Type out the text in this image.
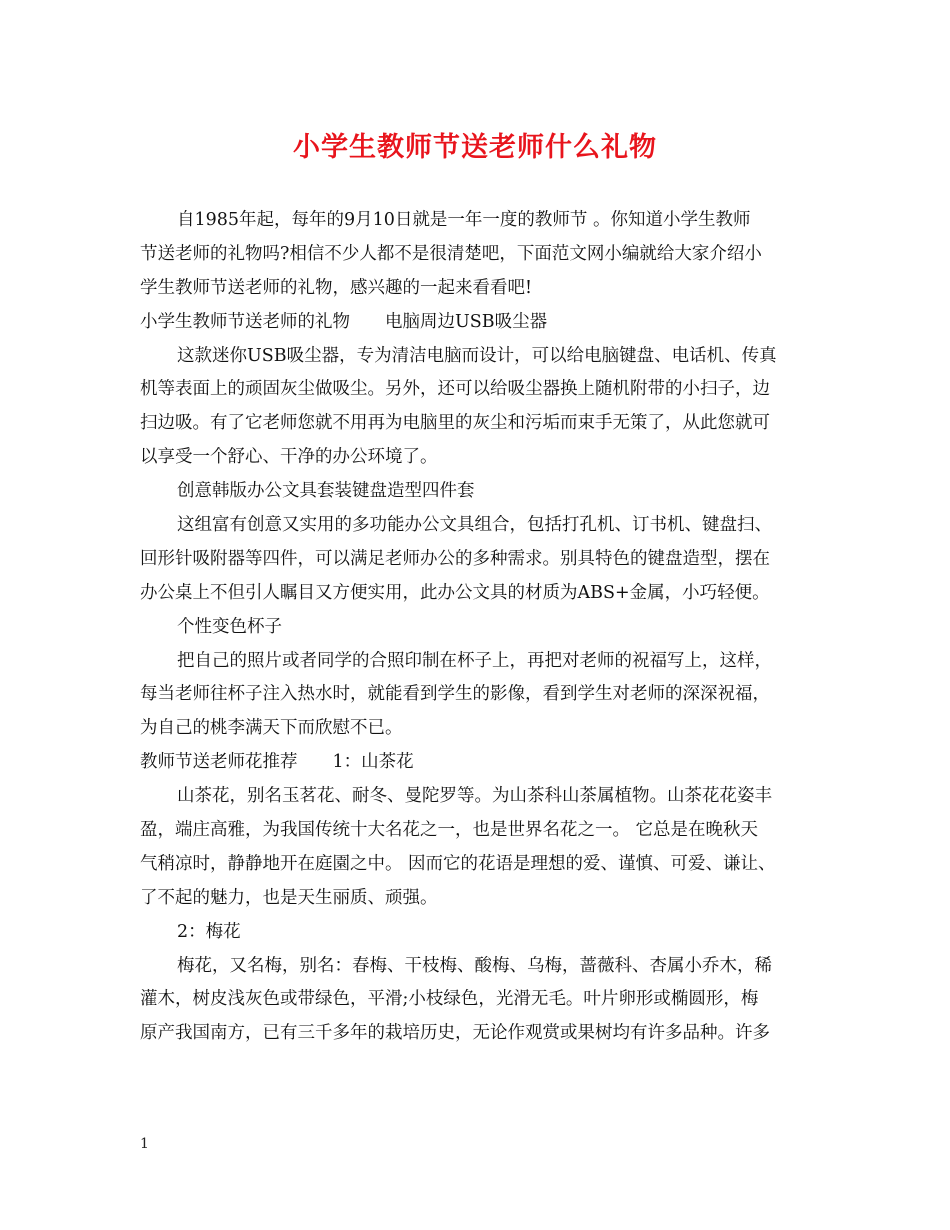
小学生教师节送老师什么礼物
自1985年起，每年的9月10日就是一年一度的教师节 。你知道小学生教师
节送老师的礼物吗?相信不少人都不是很清楚吧，下面范文网小编就给大家介绍小
学生教师节送老师的礼物，感兴趣的一起来看看吧!
小学生教师节送老师的礼物　　电脑周边USB吸尘器
这款迷你USB吸尘器，专为清洁电脑而设计，可以给电脑键盘、电话机、传真
机等表面上的顽固灰尘做吸尘。另外，还可以给吸尘器换上随机附带的小扫子，边
扫边吸。有了它老师您就不用再为电脑里的灰尘和污垢而束手无策了，从此您就可
以享受一个舒心、干净的办公环境了。
创意韩版办公文具套装键盘造型四件套
这组富有创意又实用的多功能办公文具组合，包括打孔机、订书机、键盘扫、
回形针吸附器等四件，可以满足老师办公的多种需求。别具特色的键盘造型，摆在
办公桌上不但引人瞩目又方便实用，此办公文具的材质为ABS+金属，小巧轻便。
个性变色杯子
把自己的照片或者同学的合照印制在杯子上，再把对老师的祝福写上，这样，
每当老师往杯子注入热水时，就能看到学生的影像，看到学生对老师的深深祝福，
为自己的桃李满天下而欣慰不已。
教师节送老师花推荐　　1：山茶花
山茶花，别名玉茗花、耐冬、曼陀罗等。为山茶科山茶属植物。山茶花花姿丰
盈，端庄高雅，为我国传统十大名花之一，也是世界名花之一。 它总是在晚秋天
气稍凉时，静静地开在庭園之中。 因而它的花语是理想的爱、谨慎、可爱、谦让、
了不起的魅力，也是天生丽质、顽强。
2：梅花
梅花，又名梅，别名：春梅、干枝梅、酸梅、乌梅，蔷薇科、杏属小乔木，稀
灌木，树皮浅灰色或带绿色，平滑;小枝绿色，光滑无毛。叶片卵形或椭圆形，梅
原产我国南方，已有三千多年的栽培历史，无论作观赏或果树均有许多品种。许多
1
